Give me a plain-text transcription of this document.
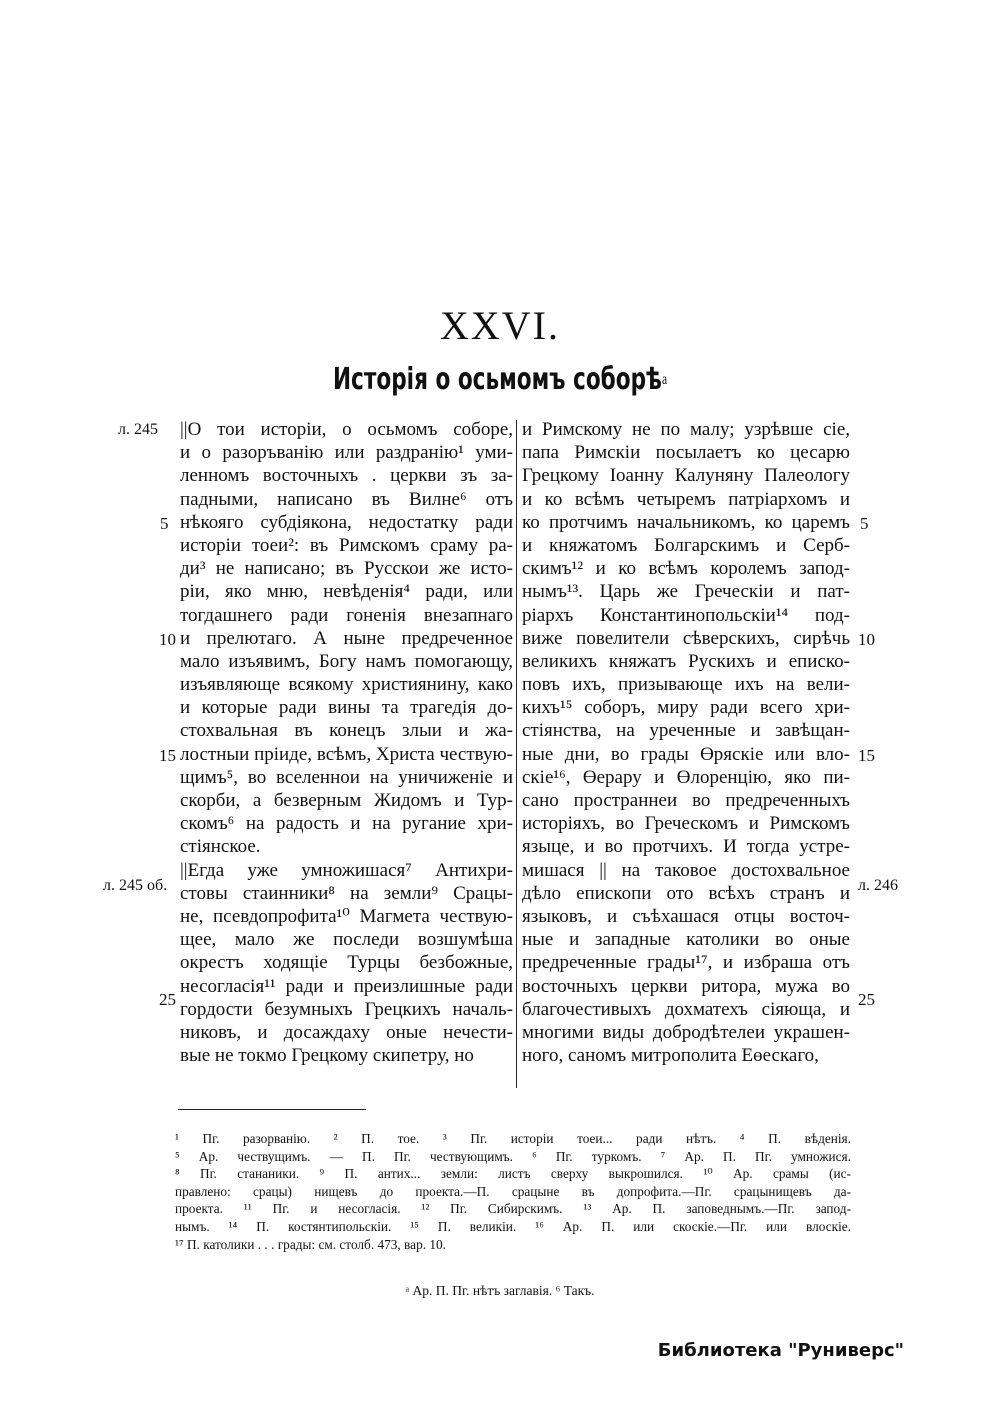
XXVI.
Исторія о осьмомъ соборѣ$^а$
л. 245
л. 245 об.	л. 246
5
10
15
25
5
10
15
25
||О тои исторіи, о осьмомъ соборе,
и о разоръванію или раздранію¹ уми-
ленномъ восточныхъ . церкви зъ за-
падными, написано въ Вилне⁶ отъ
нѣкояго субдіякона, недостатку ради
исторіи тоеи²: въ Римскомъ сраму ра-
ди³ не написано; въ Русскои же исто-
ріи, яко мню, невѣденія⁴ ради, или
тогдашнего ради гоненія внезапнаго
и прелютаго. А ныне предреченное
мало изъявимъ, Богу намъ помогающу,
изъявляюще всякому християнину, како
и которые ради вины та трагедія до-
стохвальная въ конецъ злыи и жа-
лостныи пріиде, всѣмъ, Христа чествую-
щимъ⁵, во вселеннои на уничиженіе и
скорби, а безверным Жидомъ и Тур-
скомъ⁶ на радость и на ругание хри-
стіянское.
||Егда уже умножишася⁷ Антихри-
стовы стаинники⁸ на земли⁹ Срацы-
не, псевдопрофита¹⁰ Магмета чествую-
щее, мало же последи возшумѣша
окрестъ ходящіе Турцы безбожные,
несогласія¹¹ ради и преизлишные ради
гордости безумныхъ Грецкихъ началь-
никовъ, и досаждаху оные нечести-
вые не токмо Грецкому скипетру, но
и Римскому не по малу; узрѣвше сіе,
папа Римскіи посылаетъ ко цесарю
Грецкому Іоанну Калуняну Палеологу
и ко всѣмъ четыремъ патріархомъ и
ко протчимъ начальникомъ, ко царемъ
и княжатомъ Болгарскимъ и Серб-
скимъ¹² и ко всѣмъ королемъ запод-
нымъ¹³. Царь же Греческіи и пат-
ріархъ Константинопольскіи¹⁴ под-
виже повелители сѣверскихъ, сирѣчь
великихъ княжатъ Рускихъ и еписко-
повъ ихъ, призывающе ихъ на вели-
кихъ¹⁵ соборъ, миру ради всего хри-
стіянства, на уреченные и завѣщан-
ные дни, во грады Өряскіе или вло-
скіе¹⁶, Өерару и Өлоренцію, яко пи-
сано пространнеи во предреченныхъ
исторіяхъ, во Греческомъ и Римскомъ
языце, и во протчихъ. И тогда устре-
мишася || на таковое достохвальное
дѣло епископи ото всѣхъ странъ и
языковъ, и съѣхашася отцы восточ-
ные и западные католики во оные
предреченные грады¹⁷, и избраша отъ
восточныхъ церкви ритора, мужа во
благочестивыхъ дохматехъ сіяюща, и
многими виды добродѣтелеи украшен-
ного, саномъ митрополита Еөескаго,
¹ Пг. разорванію. ² П. тое. ³ Пг. исторіи тоеи... ради нѣтъ. ⁴ П. вѣденія.
⁵ Ар. чествущимъ. — П. Пг. чествующимъ. ⁶ Пг. туркомъ. ⁷ Ар. П. Пг. умножися.
⁸ Пг. стананики. ⁹ П. антих... земли: листъ сверху выкрошился. ¹⁰ Ар. срамы (ис-
правлено: срацы) нищевъ до проекта.—П. срацыне въ допрофита.—Пг. срацынищевъ да-
проекта. ¹¹ Пг. и несогласія. ¹² Пг. Сибирскимъ. ¹³ Ар. П. заповеднымъ.—Пг. запод-
нымъ. ¹⁴ П. костянтипольскіи. ¹⁵ П. великіи. ¹⁶ Ар. П. или скоскіе.—Пг. или влоскіе.
¹⁷ П. католики . . . грады: см. столб. 473, вар. 10.
ᵃ Ар. П. Пг. нѣтъ заглавія. ⁶ Такъ.
Библиотека "Руниверс"
